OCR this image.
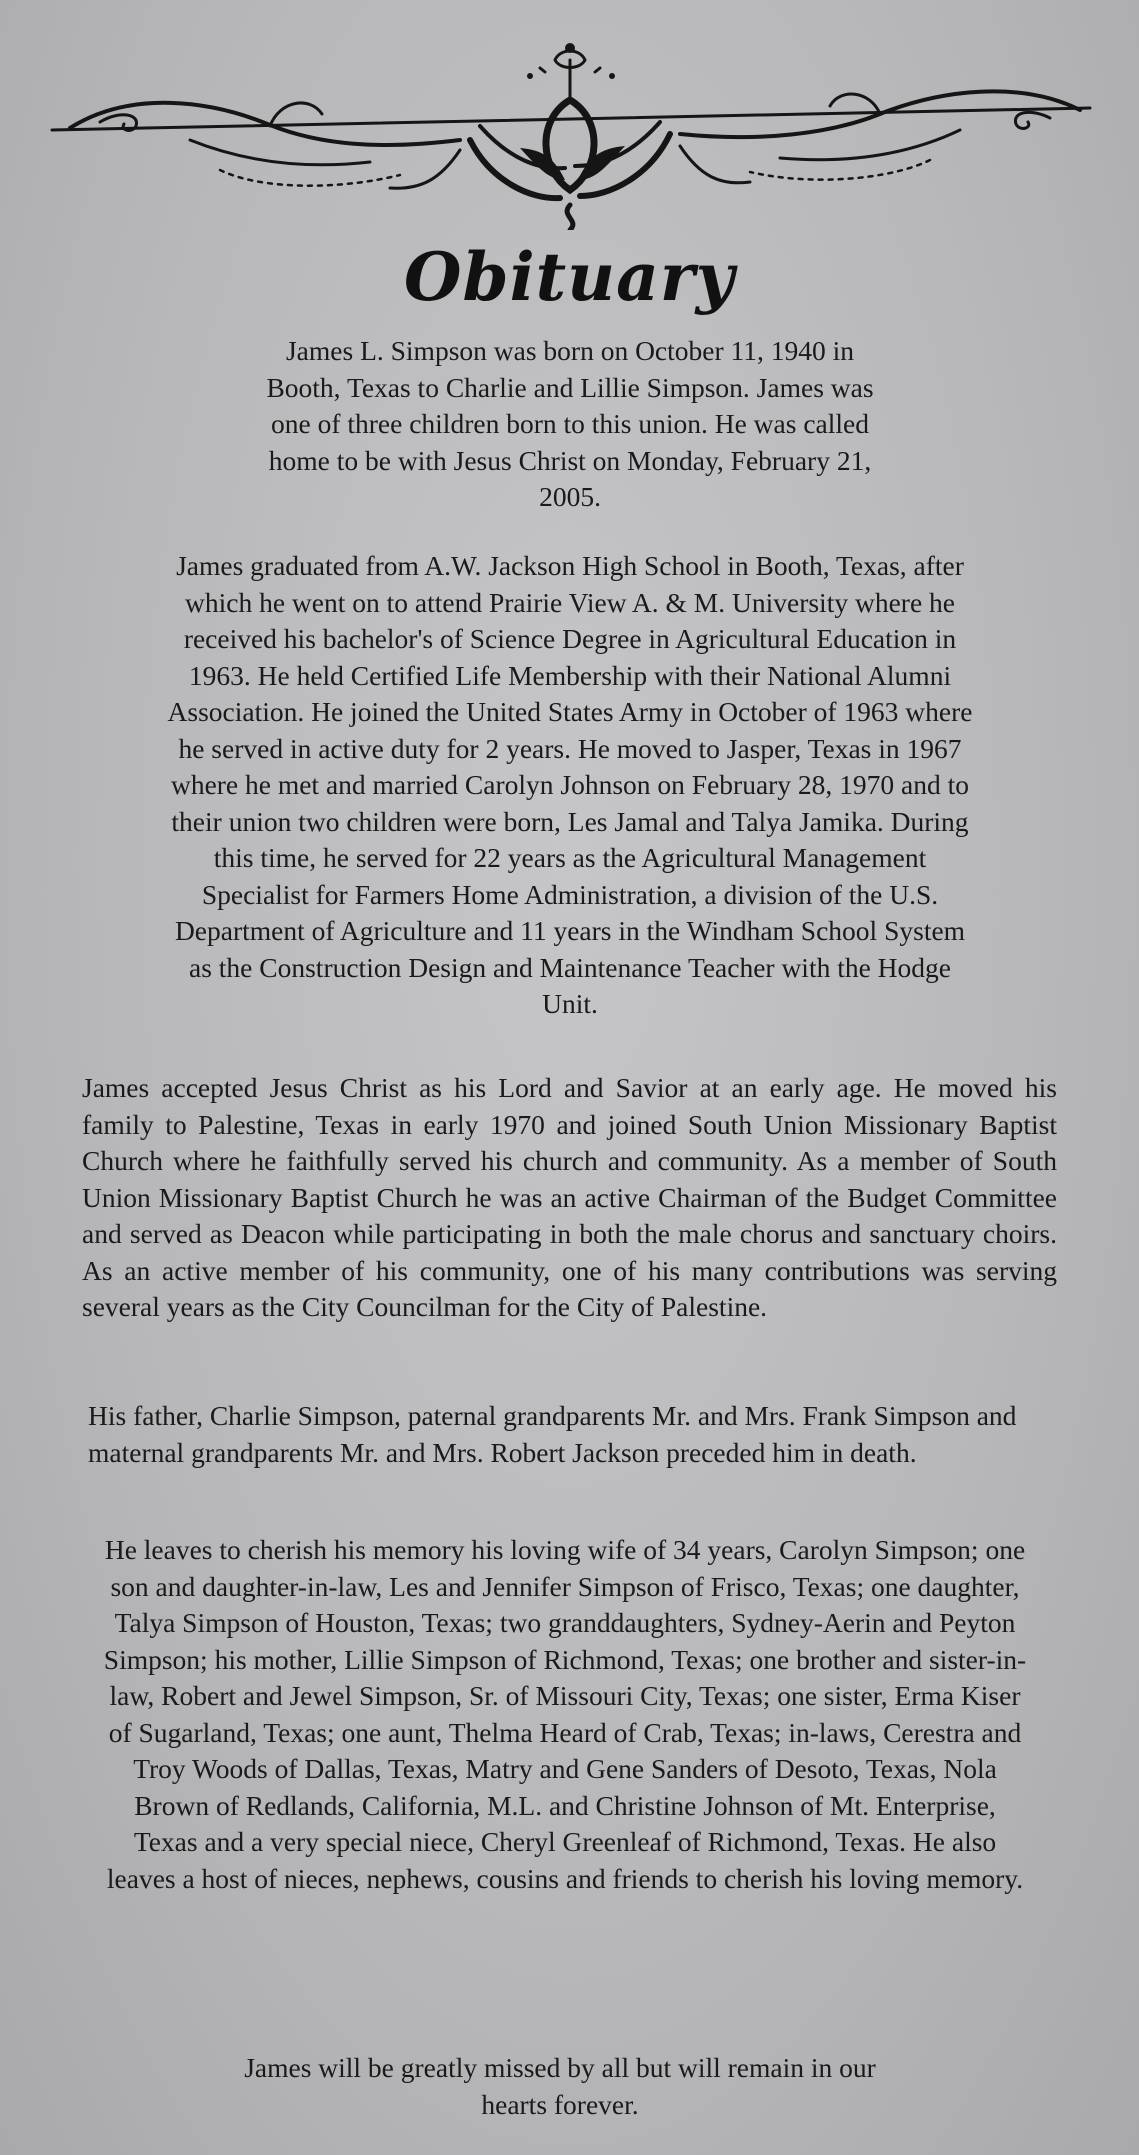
Obituary

James L. Simpson was born on October 11, 1940 in Booth, Texas to Charlie and Lillie Simpson. James was one of three children born to this union. He was called home to be with Jesus Christ on Monday, February 21, 2005.

James graduated from A.W. Jackson High School in Booth, Texas, after which he went on to attend Prairie View A. & M. University where he received his bachelor's of Science Degree in Agricultural Education in 1963. He held Certified Life Membership with their National Alumni Association. He joined the United States Army in October of 1963 where he served in active duty for 2 years. He moved to Jasper, Texas in 1967 where he met and married Carolyn Johnson on February 28, 1970 and to their union two children were born, Les Jamal and Talya Jamika. During this time, he served for 22 years as the Agricultural Management Specialist for Farmers Home Administration, a division of the U.S. Department of Agriculture and 11 years in the Windham School System as the Construction Design and Maintenance Teacher with the Hodge Unit.

James accepted Jesus Christ as his Lord and Savior at an early age. He moved his family to Palestine, Texas in early 1970 and joined South Union Missionary Baptist Church where he faithfully served his church and community. As a member of South Union Missionary Baptist Church he was an active Chairman of the Budget Committee and served as Deacon while participating in both the male chorus and sanctuary choirs. As an active member of his community, one of his many contributions was serving several years as the City Councilman for the City of Palestine.

His father, Charlie Simpson, paternal grandparents Mr. and Mrs. Frank Simpson and maternal grandparents Mr. and Mrs. Robert Jackson preceded him in death.

He leaves to cherish his memory his loving wife of 34 years, Carolyn Simpson; one son and daughter-in-law, Les and Jennifer Simpson of Frisco, Texas; one daughter, Talya Simpson of Houston, Texas; two granddaughters, Sydney-Aerin and Peyton Simpson; his mother, Lillie Simpson of Richmond, Texas; one brother and sister-in-law, Robert and Jewel Simpson, Sr. of Missouri City, Texas; one sister, Erma Kiser of Sugarland, Texas; one aunt, Thelma Heard of Crab, Texas; in-laws, Cerestra and Troy Woods of Dallas, Texas, Matry and Gene Sanders of Desoto, Texas, Nola Brown of Redlands, California, M.L. and Christine Johnson of Mt. Enterprise, Texas and a very special niece, Cheryl Greenleaf of Richmond, Texas. He also leaves a host of nieces, nephews, cousins and friends to cherish his loving memory.

James will be greatly missed by all but will remain in our hearts forever.
